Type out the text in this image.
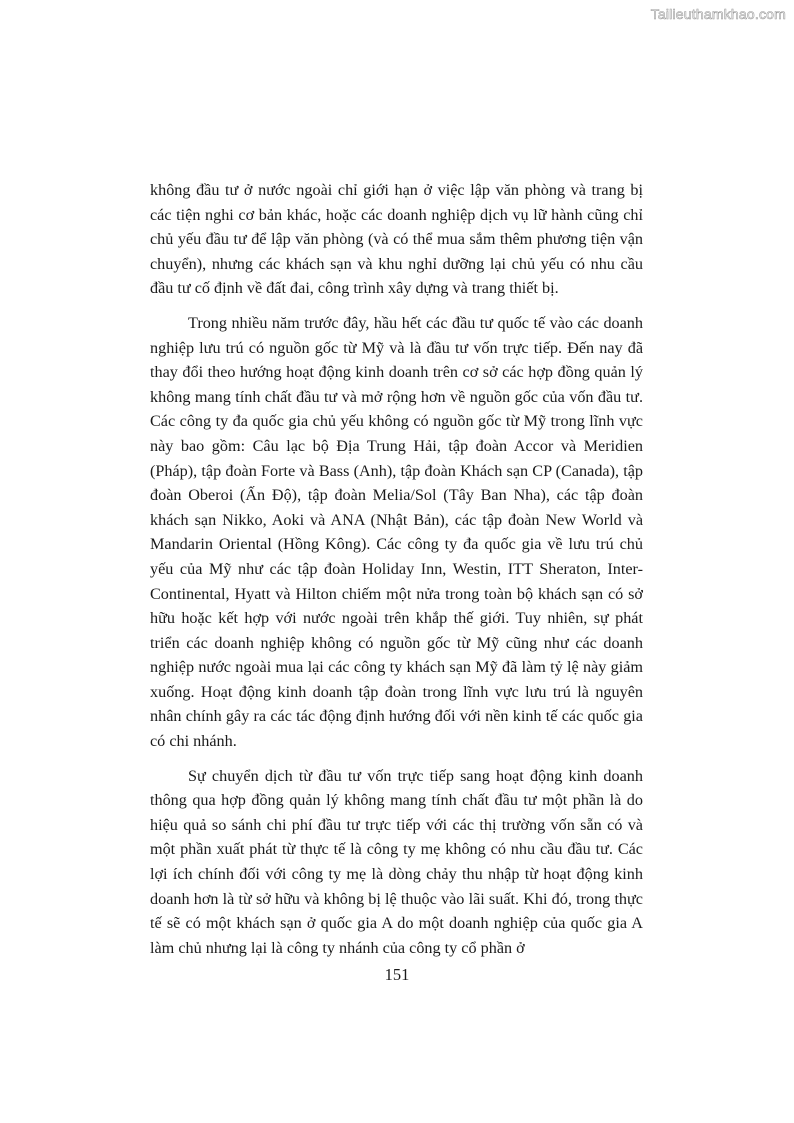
Tailieuthamkhao.com

không đầu tư ở nước ngoài chỉ giới hạn ở việc lập văn phòng và trang bị các tiện nghi cơ bản khác, hoặc các doanh nghiệp dịch vụ lữ hành cũng chỉ chủ yếu đầu tư để lập văn phòng (và có thể mua sắm thêm phương tiện vận chuyển), nhưng các khách sạn và khu nghỉ dưỡng lại chủ yếu có nhu cầu đầu tư cố định về đất đai, công trình xây dựng và trang thiết bị.

Trong nhiều năm trước đây, hầu hết các đầu tư quốc tế vào các doanh nghiệp lưu trú có nguồn gốc từ Mỹ và là đầu tư vốn trực tiếp. Đến nay đã thay đổi theo hướng hoạt động kinh doanh trên cơ sở các hợp đồng quản lý không mang tính chất đầu tư và mở rộng hơn về nguồn gốc của vốn đầu tư. Các công ty đa quốc gia chủ yếu không có nguồn gốc từ Mỹ trong lĩnh vực này bao gồm: Câu lạc bộ Địa Trung Hải, tập đoàn Accor và Meridien (Pháp), tập đoàn Forte và Bass (Anh), tập đoàn Khách sạn CP (Canada), tập đoàn Oberoi (Ấn Độ), tập đoàn Melia/Sol (Tây Ban Nha), các tập đoàn khách sạn Nikko, Aoki và ANA (Nhật Bản), các tập đoàn New World và Mandarin Oriental (Hồng Kông). Các công ty đa quốc gia về lưu trú chủ yếu của Mỹ như các tập đoàn Holiday Inn, Westin, ITT Sheraton, Inter-Continental, Hyatt và Hilton chiếm một nửa trong toàn bộ khách sạn có sở hữu hoặc kết hợp với nước ngoài trên khắp thế giới. Tuy nhiên, sự phát triển các doanh nghiệp không có nguồn gốc từ Mỹ cũng như các doanh nghiệp nước ngoài mua lại các công ty khách sạn Mỹ đã làm tỷ lệ này giảm xuống. Hoạt động kinh doanh tập đoàn trong lĩnh vực lưu trú là nguyên nhân chính gây ra các tác động định hướng đối với nền kinh tế các quốc gia có chi nhánh.

Sự chuyển dịch từ đầu tư vốn trực tiếp sang hoạt động kinh doanh thông qua hợp đồng quản lý không mang tính chất đầu tư một phần là do hiệu quả so sánh chi phí đầu tư trực tiếp với các thị trường vốn sẵn có và một phần xuất phát từ thực tế là công ty mẹ không có nhu cầu đầu tư. Các lợi ích chính đối với công ty mẹ là dòng chảy thu nhập từ hoạt động kinh doanh hơn là từ sở hữu và không bị lệ thuộc vào lãi suất. Khi đó, trong thực tế sẽ có một khách sạn ở quốc gia A do một doanh nghiệp của quốc gia A làm chủ nhưng lại là công ty nhánh của công ty cổ phần ở

151
